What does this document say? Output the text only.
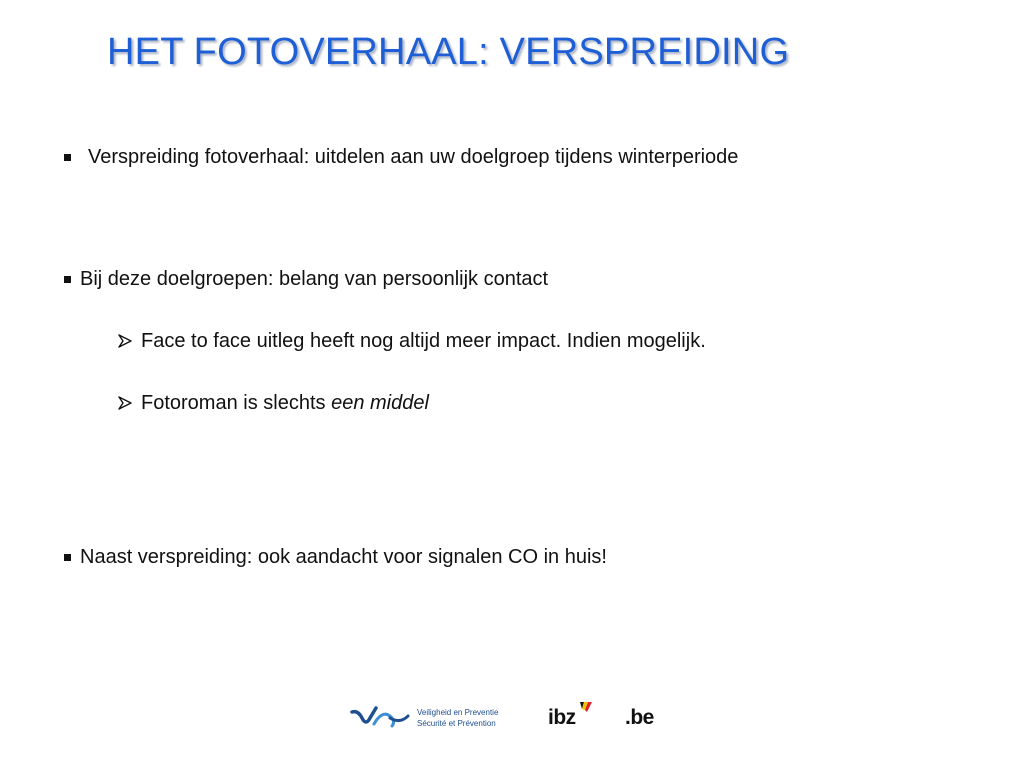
HET FOTOVERHAAL: VERSPREIDING
Verspreiding fotoverhaal: uitdelen aan uw doelgroep tijdens winterperiode
Bij deze doelgroepen: belang van persoonlijk contact
Face to face uitleg heeft nog altijd meer impact. Indien mogelijk.
Fotoroman is slechts een middel
Naast verspreiding: ook aandacht voor signalen CO in huis!
Veiligheid en Preventie
Sécurité et Prévention ibz .be
